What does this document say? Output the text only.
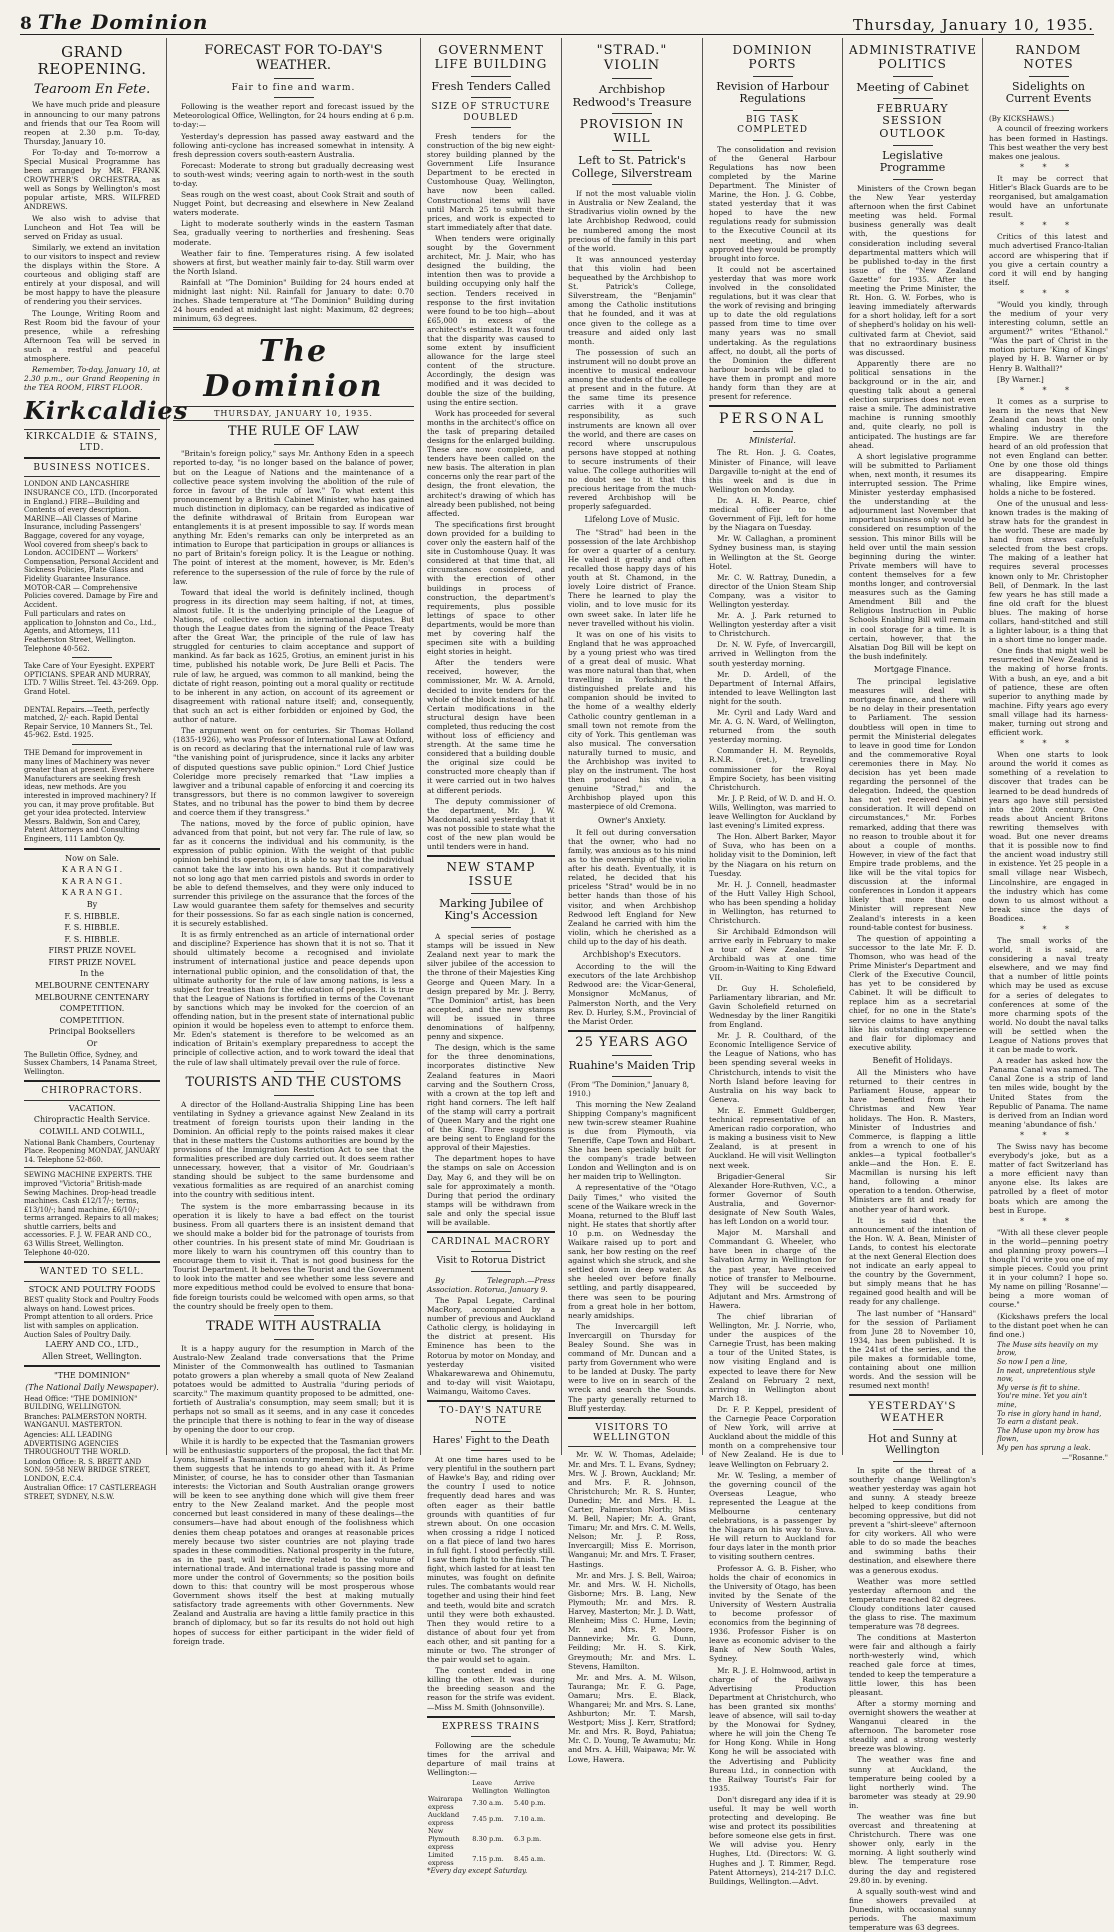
8 The Dominion	Thursday, January 10, 1935.
GRAND REOPENING.
Tearoom En Fete.

We have much pride and pleasure in announcing to our many patrons and friends that our Tea Room will reopen at 2.30 p.m. To-day, Thursday, January 10.

For To-day and To-morrow a Special Musical Programme has been arranged by MR. FRANK CROWTHER'S ORCHESTRA, as well as Songs by Wellington's most popular artiste, MRS. WILFRED ANDREWS.

We also wish to advise that Luncheon and Hot Tea will be served on Friday as usual.

Similarly, we extend an invitation to our visitors to inspect and review the displays within the Store. A courteous and obliging staff are entirely at your disposal, and will be most happy to have the pleasure of rendering you their services.

The Lounge, Writing Room and Rest Room bid the favour of your presence, while a refreshing Afternoon Tea will be served in such a restful and peaceful atmosphere.

Remember, To-day, January 10, at 2.30 p.m., our Grand Reopening in the TEA ROOM, FIRST FLOOR.

Kirkcaldies
KIRKCALDIE & STAINS, LTD.
BUSINESS NOTICES.

LONDON AND LANCASHIRE INSURANCE CO., LTD. (Incorporated in England.) FIRE—Building and Contents of every description. MARINE—All Classes of Marine Insurance, including Passengers' Baggage, covered for any voyage, Wool covered from sheep's back to London. ACCIDENT — Workers' Compensation, Personal Accident and Sickness Policies, Plate Glass and Fidelity Guarantee Insurance. MOTOR-CAR — Comprehensive Policies covered. Damage by Fire and Accident.

Full particulars and rates on application to Johnston and Co., Ltd., Agents, and Attorneys, 111 Featherston Street, Wellington. Telephone 40-562.

Take Care of Your Eyesight. EXPERT OPTICIANS. SPEAR AND MURRAY, LTD. 7 Willis Street. Tel. 43-269. Opp. Grand Hotel.

DENTAL Repairs.—Teeth, perfectly matched, 2/- each. Rapid Dental Repair Service, 10 Manners St., Tel. 45-962. Estd. 1925.

THE Demand for improvement in many lines of Machinery was never greater than at present. Everywhere Manufacturers are seeking fresh ideas, new methods. Are you interested in improved machinery? If you can, it may prove profitable. But get your idea protected. Interview Messrs. Baldwin, Son and Carey, Patent Attorneys and Consulting Engineers, 111 Lambton Qy.

Now on Sale.
K A R A N G I .
K A R A N G I .
K A R A N G I .
By
F. S. HIBBLE.
F. S. HIBBLE.
F. S. HIBBLE.
FIRST PRIZE NOVEL
FIRST PRIZE NOVEL
In the
MELBOURNE CENTENARY
MELBOURNE CENTENARY
COMPETITION.
COMPETITION.
Principal Booksellers
Or

The Bulletin Office, Sydney, and Sussex Chambers, 14 Panama Street, Wellington.

CHIROPRACTORS.
VACATION.
Chiropractic Health Service.
COLWILL AND COLWILL,

National Bank Chambers, Courtenay Place. Reopening MONDAY, JANUARY 14. Telephone 52-860.

SEWING MACHINE EXPERTS. THE improved "Victoria" British-made Sewing Machines. Drop-head treadle machines. Cash £12/17/-; terms, £13/10/-; hand machine, £6/10/-; terms arranged. Repairs to all makes; shuttle carriers, belts and accessories. F. J. W. FEAR AND CO., 63 Willis Street, Wellington. Telephone 40-020.

WANTED TO SELL.
STOCK AND POULTRY FOODS

BEST quality Stock and Poultry Foods always on hand. Lowest prices. Prompt attention to all orders. Price list with samples on application. Auction Sales of Poultry Daily.

LAERY AND CO., LTD.,
Allen Street, Wellington.
"THE DOMINION"
(The National Daily Newspaper).

Head Office: "THE DOMINION" BUILDING, WELLINGTON.

Branches: PALMERSTON NORTH. WANGANUI. MASTERTON.

Agencies: ALL LEADING ADVERTISING AGENCIES THROUGHOUT THE WORLD.

London Office: R. S. BRETT AND SON. 59-58 NEW BRIDGE STREET, LONDON, E.C.4.

Australian Office: 17 CASTLEREAGH STREET, SYDNEY, N.S.W.

FORECAST FOR TO-DAY'S WEATHER.
Fair to fine and warm.

Following is the weather report and forecast issued by the Meteorological Office, Wellington, for 24 hours ending at 6 p.m. to-day:—

Yesterday's depression has passed away eastward and the following anti-cyclone has increased somewhat in intensity. A fresh depression covers south-eastern Australia.

Forecast: Moderate to strong but gradually decreasing west to south-west winds; veering again to north-west in the south to-day.

Seas rough on the west coast, about Cook Strait and south of Nugget Point, but decreasing and elsewhere in New Zealand waters moderate.

Light to moderate southerly winds in the eastern Tasman Sea, gradually veering to northerlies and freshening. Seas moderate.

Weather fair to fine. Temperatures rising. A few isolated showers at first, but weather mainly fair to-day. Still warm over the North Island.

Rainfall at "The Dominion" Building for 24 hours ended at midnight last night: Nil. Rainfall for January to date: 0.70 inches. Shade temperature at "The Dominion" Building during 24 hours ended at midnight last night: Maximum, 82 degrees; minimum, 63 degrees.

The Dominion
THURSDAY, JANUARY 10, 1935.
THE RULE OF LAW

"Britain's foreign policy," says Mr. Anthony Eden in a speech reported to-day, "is no longer based on the balance of power, but on the League of Nations and the maintenance of a collective peace system involving the abolition of the rule of force in favour of the rule of law." To what extent this pronouncement by a British Cabinet Minister, who has gained much distinction in diplomacy, can be regarded as indicative of the definite withdrawal of Britain from European war entanglements it is at present impossible to say. If words mean anything Mr. Eden's remarks can only be interpreted as an intimation to Europe that participation in groups or alliances is no part of Britain's foreign policy. It is the League or nothing. The point of interest at the moment, however, is Mr. Eden's reference to the supersession of the rule of force by the rule of law.

Toward that ideal the world is definitely inclined, though progress in its direction may seem halting, if not, at times, almost futile. It is the underlying principle of the League of Nations, of collective action in international disputes. But though the League dates from the signing of the Peace Treaty after the Great War, the principle of the rule of law has struggled for centuries to claim acceptance and support of mankind. As far back as 1625, Grotius, an eminent jurist in his time, published his notable work, De Jure Belli et Pacis. The rule of law, he argued, was common to all mankind, being the dictate of right reason, pointing out a moral quality or rectitude to be inherent in any action, on account of its agreement or disagreement with rational nature itself; and, consequently, that such an act is either forbidden or enjoined by God, the author of nature.

The argument went on for centuries. Sir Thomas Holland (1835-1926), who was Professor of International Law at Oxford, is on record as declaring that the international rule of law was "the vanishing point of jurisprudence, since it lacks any arbiter of disputed questions save public opinion." Lord Chief Justice Coleridge more precisely remarked that "Law implies a lawgiver and a tribunal capable of enforcing it and coercing its transgressors, but there is no common lawgiver to sovereign States, and no tribunal has the power to bind them by decree and coerce them if they transgress."

The nations, moved by the force of public opinion, have advanced from that point, but not very far. The rule of law, so far as it concerns the individual and his community, is the expression of public opinion. With the weight of that public opinion behind its operation, it is able to say that the individual cannot take the law into his own hands. But it comparatively not so long ago that men carried pistols and swords in order to be able to defend themselves, and they were only induced to surrender this privilege on the assurance that the forces of the Law would guarantee them safety for themselves and security for their possessions. So far as each single nation is concerned, it is securely established.

It is as firmly entrenched as an article of international order and discipline? Experience has shown that it is not so. That it should ultimately become a recognised and inviolate instrument of international justice and peace depends upon international public opinion, and the consolidation of that, the ultimate authority for the rule of law among nations, is less a subject for treaties than for the education of peoples. It is true that the League of Nations is fortified in terms of the Covenant by sanctions which may be invoked for the coercion of an offending nation, but in the present state of international public opinion it would be hopeless even to attempt to enforce them. Mr. Eden's statement is therefore to be welcomed as an indication of Britain's exemplary preparedness to accept the principle of collective action, and to work toward the ideal that the rule of law shall ultimately prevail over the rule of force.

TOURISTS AND THE CUSTOMS

A director of the Holland-Australia Shipping Line has been ventilating in Sydney a grievance against New Zealand in its treatment of foreign tourists upon their landing in the Dominion. An official reply to the points raised makes it clear that in these matters the Customs authorities are bound by the provisions of the Immigration Restriction Act to see that the formalities prescribed are duly carried out. It does seem rather unnecessary, however, that a visitor of Mr. Goudriaan's standing should be subject to the same burdensome and vexatious formalities as are required of an anarchist coming into the country with seditious intent.

The system is the more embarrassing because in its operation it is likely to have a bad effect on the tourist business. From all quarters there is an insistent demand that we should make a bolder bid for the patronage of tourists from other countries. In his present state of mind Mr. Goudriaan is more likely to warn his countrymen off this country than to encourage them to visit it. That is not good business for the Tourist Department. It behoves the Tourist and the Government to look into the matter and see whether some less severe and more expeditious method could be evolved to ensure that bona-fide foreign tourists could be welcomed with open arms, so that the country should be freely open to them.

TRADE WITH AUSTRALIA

It is a happy augury for the resumption in March of the Australo-New Zealand trade conversations that the Prime Minister of the Commonwealth has outlined to Tasmanian potato growers a plan whereby a small quota of New Zealand potatoes would be admitted to Australia "during periods of scarcity." The maximum quantity proposed to be admitted, one-fortieth of Australia's consumption, may seem small; but it is perhaps not so small as it seems, and in any case it concedes the principle that there is nothing to fear in the way of disease by opening the door to our crop.

While it is hardly to be expected that the Tasmanian growers will be enthusiastic supporters of the proposal, the fact that Mr. Lyons, himself a Tasmanian country member, has laid it before them suggests that he intends to go ahead with it. As Prime Minister, of course, he has to consider other than Tasmanian interests: the Victorian and South Australian orange growers will be keen to see anything done which will give them freer entry to the New Zealand market. And the people most concerned but least considered in many of these dealings—the consumers—have had about enough of the foolishness which denies them cheap potatoes and oranges at reasonable prices merely because two sister countries are not playing trade spades in these commodities. National prosperity in the future, as in the past, will be directly related to the volume of international trade. And international trade is passing more and more under the control of Governments; so the position boils down to this: that country will be most prosperous whose Government shows itself the best at making mutually satisfactory trade agreements with other Governments. New Zealand and Australia are having a little family practice in this branch of diplomacy, but so far its results do not hold out high hopes of success for either participant in the wider field of foreign trade.

GOVERNMENT LIFE BUILDING
Fresh Tenders Called
SIZE OF STRUCTURE DOUBLED

Fresh tenders for the construction of the big new eight-storey building planned by the Government Life Insurance Department to be erected in Customhouse Quay, Wellington, have now been called. Constructional items will have until March 25 to submit their prices, and work is expected to start immediately after that date.

When tenders were originally sought by the Government architect, Mr. J. Mair, who has designed the building, the intention then was to provide a building occupying only half the section. Tenders received in response to the first invitation were found to be too high—about £65,000 in excess of the architect's estimate. It was found that the disparity was caused to some extent by insufficient allowance for the large steel content of the structure. Accordingly, the design was modified and it was decided to double the size of the building, using the entire section.

Work has proceeded for several months in the architect's office on the task of preparing detailed designs for the enlarged building. These are now complete, and tenders have been called on the new basis. The alteration in plan concerns only the rear part of the design, the front elevation, the architect's drawing of which has already been published, not being affected.

The specifications first brought down provided for a building to cover only the eastern half of the site in Customhouse Quay. It was considered at that time that, all circumstances considered, and with the erection of other buildings in process of construction, the department's requirements, plus possible lettings of space to other departments, would be more than met by covering half the specimen site with a building eight stories in height.

After the tenders were received, however, the commissioner, Mr. W. A. Arnold, decided to invite tenders for the whole of the block instead of half. Certain modifications in the structural design have been completed, thus reducing the cost without loss of efficiency and strength. At the same time he considered that a building double the original size could be constructed more cheaply than if it were carried out in two halves at different periods.

The deputy commissioner of the department, Mr. J. W. Macdonald, said yesterday that it was not possible to state what the cost of the new plan would be until tenders were in hand.

NEW STAMP ISSUE
Marking Jubilee of King's Accession

A special series of postage stamps will be issued in New Zealand next year to mark the silver jubilee of the accession to the throne of their Majesties King George and Queen Mary. In a design prepared by Mr. J. Berry, "The Dominion" artist, has been accepted, and the new stamps will be issued in three denominations of halfpenny, penny and sixpence.

The design, which is the same for the three denominations, incorporates distinctive New Zealand features in Maori carving and the Southern Cross, with a crown at the top left and right hand corners. The left half of the stamp will carry a portrait of Queen Mary and the right one of the King. Three suggestions are being sent to England for the approval of their Majesties.

The department hopes to have the stamps on sale on Accession Day, May 6, and they will be on sale for approximately a month. During that period the ordinary stamps will be withdrawn from sale and only the special issue will be available.

CARDINAL MACRORY
Visit to Rotorua District

By Telegraph.—Press Association. Rotorua, January 9.

The Papal Legate, Cardinal MacRory, accompanied by a number of previous and Auckland Catholic clergy, is holidaying in the district at present. His Eminence has been to the Rotorua by motor on Monday, and yesterday visited Whakarewarewa and Ohinemutu, and to-day will visit Waiotapu, Waimangu, Waitomo Caves.

TO-DAY'S NATURE NOTE
Hares' Fight to the Death

At one time hares used to be very plentiful in the southern part of Hawke's Bay, and riding over the country I used to notice frequently dead hares and was often eager as their battle grounds with quantities of fur strewn about. On one occasion when crossing a ridge I noticed on a flat piece of land two hares in full fight. I stood perfectly still. I saw them fight to the finish. The fight, which lasted for at least ten minutes, was fought on definite rules. The combatants would rear together and using their hind feet and teeth, would bite and scratch until they were both exhausted. Then they would retire to a distance of about four yet from each other, and sit panting for a minute or two. The stronger of the pair would set to again.

The contest ended in one killing the other. It was during the breeding season and the reason for the strife was evident. —Miss M. Smith (Johnsonville).

EXPRESS TRAINS

Following are the schedule times for the arrival and departure of mail trains at Wellington:—

	Leave Wellington	Arrive Wellington
Wairarapa express	7.30 a.m.	5.40 p.m.
Auckland express	7.45 p.m.	7.10 a.m.
New Plymouth express	8.30 p.m.	6.3 p.m.
Limited express	7.15 p.m.	8.45 a.m.

*Every day except Saturday.

"STRAD." VIOLIN
Archbishop Redwood's Treasure
PROVISION IN WILL
Left to St. Patrick's College, Silverstream

If not the most valuable violin in Australia or New Zealand, the Stradivarius violin owned by the late Archbishop Redwood, could be numbered among the most precious of the family in this part of the world.

It was announced yesterday that this violin had been bequeathed by the Archbishop to St. Patrick's College, Silverstream, the "Benjamin" among the Catholic institutions that he founded, and it was at once given to the college as a treasure and aided only last month.

The possession of such an instrument will no doubt prove an incentive to musical endeavour among the students of the college at present and in the future. At the same time its presence carries with it a grave responsibility, as such instruments are known all over the world, and there are cases on record where unscrupulous persons have stopped at nothing to secure instruments of their value. The college authorities will no doubt see to it that this precious heritage from the much-revered Archbishop will be properly safeguarded.

Lifelong Love of Music.

The "Strad" had been in the possession of the late Archbishop for over a quarter of a century. He valued it greatly and often recalled those happy days of his youth at St. Chamond, in the lovely Loire district of France. There he learned to play the violin, and to love music for its own sweet sake. In later life he never travelled without his violin.

It was on one of his visits to England that he was approached by a young priest who was tired of a great deal of music. What was more natural than that, when travelling in Yorkshire, the distinguished prelate and his companion should be invited to the home of a wealthy elderly Catholic country gentleman in a small town not remote from the city of York. This gentleman was also musical. The conversation naturally turned to music, and the Archbishop was invited to play on the instrument. The host then produced his violin, a genuine "Strad," and the Archbishop played upon this masterpiece of old Cremona.

Owner's Anxiety.

It fell out during conversation that the owner, who had no family, was anxious as to his mind as to the ownership of the violin after his death. Eventually, it is related, he decided that his priceless "Strad" would be in no better hands than those of his visitor, and when Archbishop Redwood left England for New Zealand he carried with him the violin, which he cherished as a child up to the day of his death.

Archbishop's Executors.

According to the will the executors of the late Archbishop Redwood are: the Vicar-General, Monsignor McManus, of Palmerston North, and the Very Rev. D. Hurley, S.M., Provincial of the Marist Order.

25 YEARS AGO
Ruahine's Maiden Trip

(From "The Dominion," January 8, 1910.)

This morning the New Zealand Shipping Company's magnificent new twin-screw steamer Ruahine is due from Plymouth, via Teneriffe, Cape Town and Hobart. She has been specially built for the company's trade between London and Wellington and is on her maiden trip to Wellington.

A representative of the "Otago Daily Times," who visited the scene of the Waikare wreck in the Moana, returned to the Bluff last night. He states that shortly after 10 p.m. on Wednesday the Waikare raised up to port and sank, her bow resting on the reef against which she struck, and she settled down in deep water. As she heeled over before finally settling, and partly disappeared, there was seen to be pouring from a great hole in her bottom, nearly amidships.

The Invercargill left Invercargill on Thursday for Bealey Sound. She was in command of Mr. Duncan and a party from Government who were to be landed at Dusky. The party were to live on in search of the wreck and search the Sounds. The party generally returned to Bluff yesterday.

VISITORS TO WELLINGTON

Mr. W. W. Thomas, Adelaide; Mr. and Mrs. T. L. Evans, Sydney; Mrs. W. J. Brown, Auckland; Mr. and Mrs. F. R. Johnson, Christchurch; Mr. R. S. Hunter, Dunedin; Mr. and Mrs. H. L. Carter, Palmerston North; Miss M. Bell, Napier; Mr. A. Grant, Timaru; Mr. and Mrs. C. M. Wells, Nelson; Mr. J. P. Ross, Invercargill; Miss E. Morrison, Wanganui; Mr. and Mrs. T. Fraser, Hastings.

Mr. and Mrs. J. S. Bell, Wairoa; Mr. and Mrs. W. H. Nicholls, Gisborne; Mrs. B. Lang, New Plymouth; Mr. and Mrs. R. Harvey, Masterton; Mr. J. D. Watt, Blenheim; Miss C. Hume, Levin; Mr. and Mrs. P. Moore, Dannevirke; Mr. G. Dunn, Feilding; Mr. H. S. Kirk, Greymouth; Mr. and Mrs. L. Stevens, Hamilton.

Mr. and Mrs. A. M. Wilson, Tauranga; Mr. F. G. Page, Oamaru; Mrs. E. Black, Whangarei; Mr. and Mrs. S. Lane, Ashburton; Mr. T. Marsh, Westport; Miss J. Kerr, Stratford; Mr. and Mrs. R. Boyd, Pahiatua; Mr. C. D. Young, Te Awamutu; Mr. and Mrs. A. Hill, Waipawa; Mr. W. Lowe, Hawera.

DOMINION PORTS
Revision of Harbour Regulations
BIG TASK COMPLETED

The consolidation and revision of the General Harbour Regulations has now been completed by the Marine Department. The Minister of Marine, the Hon. J. G. Cobbe, stated yesterday that it was hoped to have the new regulations ready for submission to the Executive Council at its next meeting, and when approved they would be promptly brought into force.

It could not be ascertained yesterday that was more work involved in the consolidated regulations, but it was clear that the work of revising and bringing up to date the old regulations passed from time to time over many years was no small undertaking. As the regulations affect, no doubt, all the ports of the Dominion the different harbour boards will be glad to have them in prompt and more handy form than they are at present for reference.

PERSONAL
Ministerial.

The Rt. Hon. J. G. Coates, Minister of Finance, will leave Dargaville to-night at the end of this week and is due in Wellington on Monday.

Dr. A. H. B. Pearce, chief medical officer to the Government of Fiji, left for home by the Niagara on Tuesday.

Mr. W. Callaghan, a prominent Sydney business man, is staying in Wellington at the St. George Hotel.

Mr. C. W. Rattray, Dunedin, a director of the Union Steam Ship Company, was a visitor to Wellington yesterday.

Mr. A. J. Park returned to Wellington yesterday after a visit to Christchurch.

Dr. N. W. Fyfe, of Invercargill, arrived in Wellington from the south yesterday morning.

Mr. D. Ardell, of the Department of Internal Affairs, intended to leave Wellington last night for the south.

Mr. Cyril and Lady Ward and Mr. A. G. N. Ward, of Wellington, returned from the south yesterday morning.

Commander H. M. Reynolds, R.N.R. (ret.), travelling commissioner for the Royal Empire Society, has been visiting Christchurch.

Mr. J. P. Reid, of W. D. and H. O. Wills, Wellington, was married to leave Wellington for Auckland by last evening's Limited express.

The Hon. Albert Barker, Mayor of Suva, who has been on a holiday visit to the Dominion, left by the Niagara on his return on Tuesday.

Mr. H. J. Connell, headmaster of the Hutt Valley High School, who has been spending a holiday in Wellington, has returned to Christchurch.

Sir Archibald Edmondson will arrive early in February to make a tour of New Zealand. Sir Archibald was at one time Groom-in-Waiting to King Edward VII.

Dr. Guy H. Scholefield, Parliamentary librarian, and Mr. Gavin Scholefield returned on Wednesday by the liner Rangitiki from England.

Mr. J. R. Coulthard, of the Economic Intelligence Service of the League of Nations, who has been spending several weeks in Christchurch, intends to visit the North Island before leaving for Australia on his way back to Geneva.

Mr. E. Emmett Guldberger, technical representative of an American radio corporation, who is making a business visit to New Zealand, is at present in Auckland. He will visit Wellington next week.

Brigadier-General Sir Alexander Hore-Ruthven, V.C., a former Governor of South Australia, and Governor-designate of New South Wales, has left London on a world tour.

Major M. Marshall and Commandant G. Wheeler, who have been in charge of the Salvation Army in Wellington for the past year, have received notice of transfer to Melbourne. They will be succeeded by Adjutant and Mrs. Armstrong of Hawera.

The chief librarian of Wellington, Mr. J. Norrie, who, under the auspices of the Carnegie Trust, has been making a tour of the United States, is now visiting England and is expected to leave there for New Zealand on February 2 next, arriving in Wellington about March 18.

Dr. F. P. Keppel, president of the Carnegie Peace Corporation of New York, will arrive at Auckland about the middle of this month on a comprehensive tour of New Zealand. He is due to leave Wellington on February 2.

Mr. W. Tesling, a member of the governing council of the Overseas League, who represented the League at the Melbourne centenary celebrations, is a passenger by the Niagara on his way to Suva. He will return to Auckland for four days later in the month prior to visiting southern centres.

Professor A. G. B. Fisher, who holds the chair of economics in the University of Otago, has been invited by the Senate of the University of Western Australia to become professor of economics from the beginning of 1936. Professor Fisher is on leave as economic adviser to the Bank of New South Wales, Sydney.

Mr. R. J. E. Holmwood, artist in charge of the Railways Advertising Production Department at Christchurch, who has been granted six months' leave of absence, will sail to-day by the Monowai for Sydney, where he will join the Cheng Te for Hong Kong. While in Hong Kong he will be associated with the Advertising and Publicity Bureau Ltd., in connection with the Railway Tourist's Fair for 1935.

Don't disregard any idea if it is useful. It may be well worth protecting and developing. Be wise and protect its possibilities before someone else gets in first. We will advise you. Henry Hughes, Ltd. (Directors: W. G. Hughes and J. T. Rimmer, Regd. Patent Attorneys), 214-217 D.I.C. Buildings, Wellington.—Advt.

ADMINISTRATIVE POLITICS
Meeting of Cabinet
FEBRUARY SESSION OUTLOOK
Legislative Programme

Ministers of the Crown began the New Year yesterday afternoon when the first Cabinet meeting was held. Formal business generally was dealt with, the questions for consideration including several departmental matters which will be published to-day in the first issue of the "New Zealand Gazette" for 1935. After the meeting the Prime Minister, the Rt. Hon. G. W. Forbes, who is leaving immediately afterwards for a short holiday, left for a sort of shepherd's holiday on his well-cultivated farm at Cheviot, said that no extraordinary business was discussed.

Apparently there are no political sensations in the background or in the air, and questing talk about a general election surprises does not even raise a smile. The administrative machine is running smoothly and, quite clearly, no poll is anticipated. The hustings are far ahead.

A short legislative programme will be submitted to Parliament when, next month, it resumes its interrupted session. The Prime Minister yesterday emphasised the understanding at the adjournment last November that important business only would be considered on resumption of the session. This minor Bills will be held over until the main session beginning during the winter. Private members will have to content themselves for a few months longer, and controversial measures such as the Gaming Amendment Bill and the Religious Instruction in Public Schools Enabling Bill will remain in cool storage for a time. It is certain, however, that the Alsatian Dog Bill will be kept on the bush indefinitely.

Mortgage Finance.

The principal legislative measures will deal with mortgage finance, and there will be no delay in their presentation to Parliament. The session doubtless will open in time to permit the Ministerial delegates to leave in good time for London and the commemorative Royal ceremonies there in May. No decision has yet been made regarding the personnel of the delegation. Indeed, the question has not yet received Cabinet consideration. It will depend on circumstances," Mr. Forbes remarked, adding that there was no reason to trouble about it for about a couple of months. However, in view of the fact that Empire trade problems, and the like will be the vital topics for discussion at the informal conferences in London it appears likely that more than one Minister will represent New Zealand's interests in a keen round-table contest for business.

The question of appointing a successor to the late Mr. F. D. Thomson, who was head of the Prime Minister's Department and Clerk of the Executive Council, has yet to be considered by Cabinet. It will be difficult to replace him as a secretarial chief, for no one in the State's service claims to have anything like his outstanding experience and flair for diplomacy and executive ability.

Benefit of Holidays.

All the Ministers who have returned to their centres in Parliament House, appear to have benefited from their Christmas and New Year holidays. The Hon. R. Masters, Minister of Industries and Commerce, is flapping a little from a wrench to one of his ankles—a typical footballer's ankle—and the Hon. E. E. Macmillan is nursing his left hand, following a minor operation to a tendon. Otherwise, Ministers are fit and ready for another year of hard work.

It is said that the announcement of the intention of the Hon. W. A. Bean, Minister of Lands, to contest his electorate at the next General Election does not indicate an early appeal to the country by the Government, but simply means that he has regained good health and will be ready for any challenge.

The last number of "Hansard" for the session of Parliament from June 28 to November 10, 1934, has been published. It is the 241st of the series, and the pile makes a formidable tome, containing about one million words. And the session will be resumed next month!

YESTERDAY'S WEATHER
Hot and Sunny at Wellington

In spite of the threat of a southerly change Wellington's weather yesterday was again hot and sunny. A steady breeze helped to keep conditions from becoming oppressive, but did not prevent a "shirt-sleeve" afternoon for city workers. All who were able to do so made the beaches and swimming baths their destination, and elsewhere there was a generous exodus.

Weather was more settled yesterday afternoon and the temperature reached 82 degrees. Cloudy conditions later caused the glass to rise. The maximum temperature was 78 degrees.

The conditions at Masterton were fair and although a fairly north-westerly wind, which reached gale force at times, tended to keep the temperature a little lower, this has been pleasant.

After a stormy morning and overnight showers the weather at Wanganui cleared in the afternoon. The barometer rose steadily and a strong westerly breeze was blowing.

The weather was fine and sunny at Auckland, the temperature being cooled by a light northerly wind. The barometer was steady at 29.90 in.

The weather was fine but overcast and threatening at Christchurch. There was one shower only, early in the morning. A light southerly wind blew. The temperature rose during the day and registered 29.80 in. by evening.

A squally south-west wind and fine showers prevailed at Dunedin, with occasional sunny periods. The maximum temperature was 63 degrees.

RANDOM NOTES
Sidelights on Current Events

(By KICKSHAWS.)

A council of freezing workers has been formed in Hastings. This best weather the very best makes one jealous.

* * *

It may be correct that Hitler's Black Guards are to be reorganised, but amalgamation would have an unfortunate result.

* * *

Critics of this latest and much advertised Franco-Italian accord are whispering that if you give a certain country a cord it will end by hanging itself.

* * *

"Would you kindly, through the medium of your very interesting column, settle an argument?" writes "Ethanol." "Was the part of Christ in the motion picture 'King of Kings' played by H. B. Warner or by Henry B. Walthall?"

[By Warner.]

* * *

It comes as a surprise to learn in the news that New Zealand can boast the only whaling industry in the Empire. We are therefore heard of an old profession that not even England can better. One by one those old things are disappearing. Empire whaling, like Empire wines, holds a niche to be fostered.

One of the unusual and less-known trades is the making of straw hats for the grandest in the world. These are made by hand from straws carefully selected from the best crops. The making of a leather hat requires several processes known only to Mr. Christopher Bell, of Denmark. In the last few years he has still made a fine old craft for the bluest blues. The making of horse collars, hand-stitched and still a lighter labour, is a thing that in a short time no longer made.

One finds that might well be resurrected in New Zealand is the making of horse fronts. With a bush, an eye, and a bit of patience, these are often superior to anything made by machine. Fifty years ago every small village had its harness-maker, turning out strong and efficient work.

* * *

When one starts to look around the world it comes as something of a revelation to discover that trades can be learned to be dead hundreds of years ago have still persisted into the 20th century. One reads about Ancient Britons rewriting themselves with woad. But one never dreams that it is possible now to find the ancient woad industry still in existence. Yet 25 people in a small village near Wisbech, Lincolnshire, are engaged in the industry which has come down to us almost without a break since the days of Boadicea.

* * *

The small works of the world, it is said, are considering a naval treaty elsewhere, and we may find that a number of little points which may be used as excuse for a series of delegates to conferences at some of the more charming spots of the world. No doubt the naval talks will be settled when the League of Nations proves that it can be made to work.

A reader has asked how the Panama Canal was named. The Canal Zone is a strip of land ten miles wide, bought by the United States from the Republic of Panama. The name is derived from an Indian word meaning 'abundance of fish.'

* * *

The Swiss navy has become everybody's joke, but as a matter of fact Switzerland has a more efficient navy than anyone else. Its lakes are patrolled by a fleet of motor boats which are among the best in Europe.

* * *

"With all these clever people in the world—penning poetry and planning proxy powers—I thought I'd write you one of my simple pieces. Could you print it in your column? I hope so. My name on pilling 'Rosanne'—being a more woman of course."

(Kickshaws prefers the local to the distant poet when he can find one.)

The Muse sits heavily on my brow,
So now I pen a line,
In neat, unpretentious style now,
My verse is fit to shine.
You're mine. Yet you ain't mine,
To rise in glory hand in hand,
To earn a distant peak.
The Muse upon my brow has flown,
My pen has sprung a leak.

—"Rosanne."
